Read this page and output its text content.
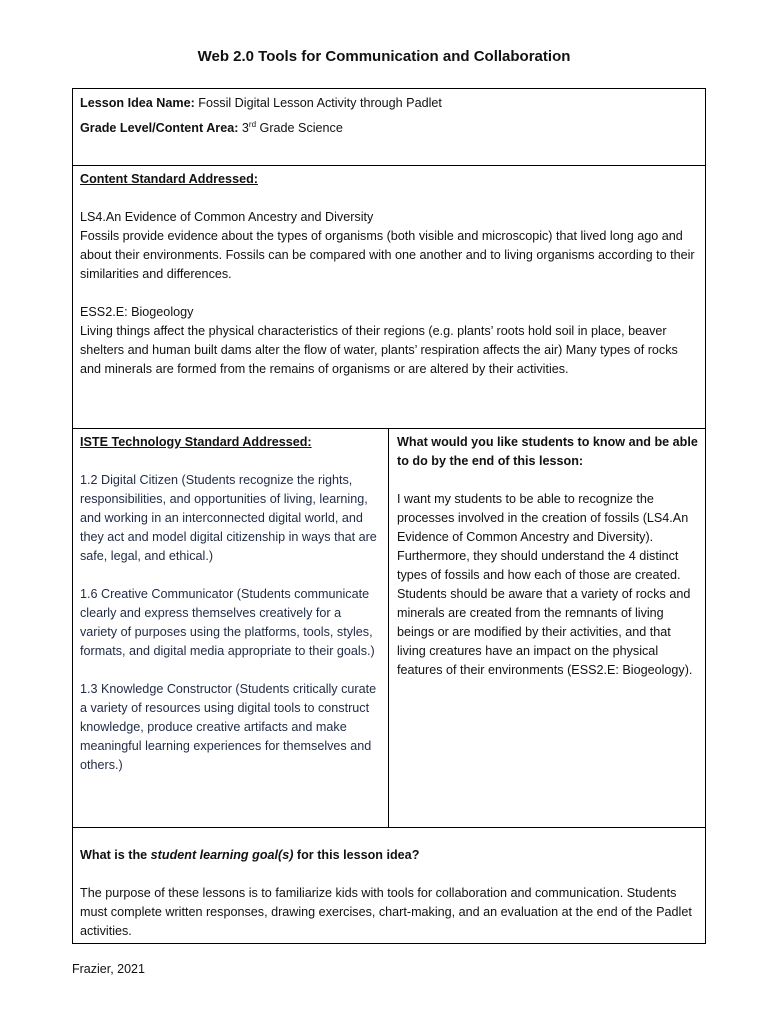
Web 2.0 Tools for Communication and Collaboration

Lesson Idea Name: Fossil Digital Lesson Activity through Padlet

Grade Level/Content Area: 3rd Grade Science

Content Standard Addressed:

LS4.An Evidence of Common Ancestry and Diversity

Fossils provide evidence about the types of organisms (both visible and microscopic) that lived long ago and about their environments. Fossils can be compared with one another and to living organisms according to their similarities and differences.

ESS2.E: Biogeology

Living things affect the physical characteristics of their regions (e.g. plants’ roots hold soil in place, beaver shelters and human built dams alter the flow of water, plants’ respiration affects the air) Many types of rocks and minerals are formed from the remains of organisms or are altered by their activities.

ISTE Technology Standard Addressed:

1.2 Digital Citizen (Students recognize the rights, responsibilities, and opportunities of living, learning, and working in an interconnected digital world, and they act and model digital citizenship in ways that are safe, legal, and ethical.)

1.6 Creative Communicator (Students communicate clearly and express themselves creatively for a variety of purposes using the platforms, tools, styles, formats, and digital media appropriate to their goals.)

1.3 Knowledge Constructor (Students critically curate a variety of resources using digital tools to construct knowledge, produce creative artifacts and make meaningful learning experiences for themselves and others.)

What would you like students to know and be able to do by the end of this lesson:

I want my students to be able to recognize the processes involved in the creation of fossils (LS4.An Evidence of Common Ancestry and Diversity). Furthermore, they should understand the 4 distinct types of fossils and how each of those are created. Students should be aware that a variety of rocks and minerals are created from the remnants of living beings or are modified by their activities, and that living creatures have an impact on the physical features of their environments (ESS2.E: Biogeology).

What is the student learning goal(s) for this lesson idea?

The purpose of these lessons is to familiarize kids with tools for collaboration and communication. Students must complete written responses, drawing exercises, chart-making, and an evaluation at the end of the Padlet activities.

Frazier, 2021
